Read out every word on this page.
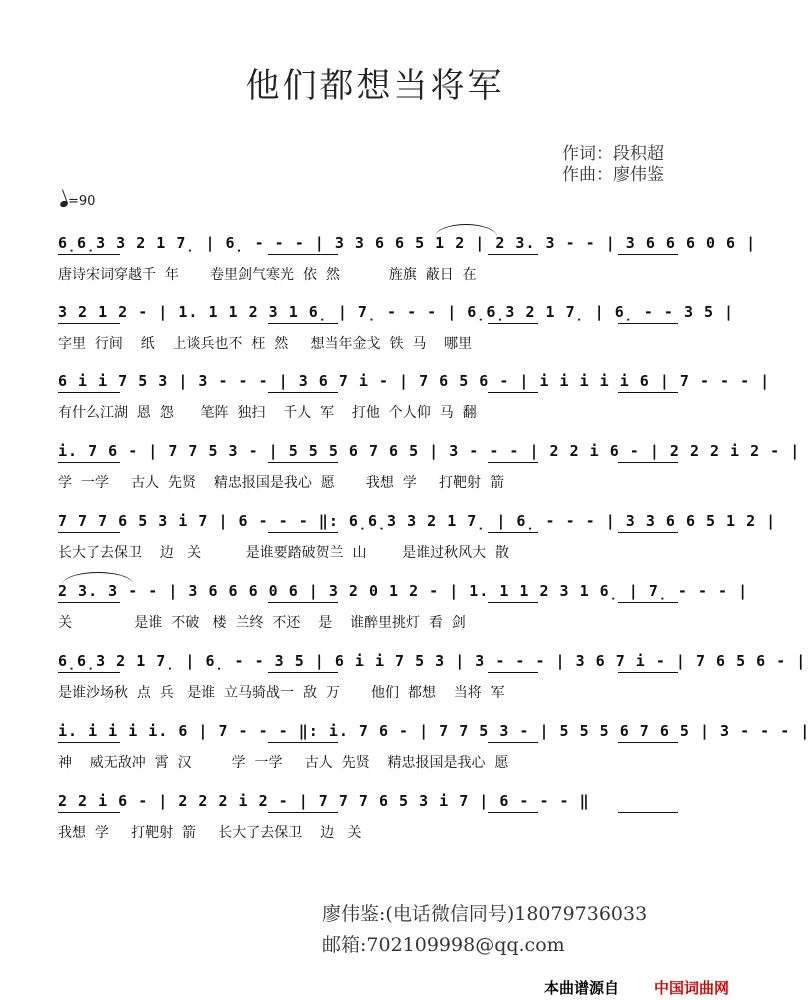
他们都想当将军
作词：段积超
作曲：廖伟鉴
=90
6̣6̣3 3 2 1 7̣ | 6̣ - - - | 3 3 6 6 5 1 2 | 2 3. 3 - - | 3 6 6 6 0 6 |
唐诗宋词穿越千  年       卷里剑气寒光  依  然           旌旗  蔽日  在
3 2 1 2 - | 1. 1 1 2 3 1 6̣ | 7̣ - - - | 6̣6̣3 2 1 7̣ | 6̣ - - 3 5 |
字里  行间    纸    上谈兵也不  枉  然     想当年金戈  铁  马    哪里
6 i i 7 5 3 | 3 - - - | 3 6 7 i - | 7 6 5 6 - | i i i i i 6 | 7 - - - |
有什么江湖  恩  怨      笔阵  独扫    千人  军    打他  个人仰  马  翻
i. 7 6 - | 7 7 5 3 - | 5 5 5 6 7 6 5 | 3 - - - | 2 2 i 6 - | 2 2 2 i 2 - |
学  一学     古人  先贤    精忠报国是我心  愿       我想  学     打靶射  箭
7 7 7 6 5 3 i 7 | 6 - - - ‖: 6̣6̣3 3 2 1 7̣ | 6̣ - - - | 3 3 6 6 5 1 2 |
长大了去保卫    边   关          是谁要踏破贺兰  山        是谁过秋风大  散
2 3. 3 - - | 3 6 6 6 0 6 | 3 2 0 1 2 - | 1. 1 1 2 3 1 6̣ | 7̣ - - - |
关              是谁  不破   楼  兰终  不还    是    谁醉里挑灯  看  剑
6̣6̣3 2 1 7̣ | 6̣ - - 3 5 | 6 i i 7 5 3 | 3 - - - | 3 6 7 i - | 7 6 5 6 - |
是谁沙场秋  点  兵   是谁  立马骑战一  敌  万       他们  都想    当将  军
i. i i i i. 6 | 7 - - - ‖: i. 7 6 - | 7 7 5 3 - | 5 5 5 6 7 6 5 | 3 - - - |
神    威无敌冲  霄  汉         学  一学     古人  先贤    精忠报国是我心  愿
2 2 i 6 - | 2 2 2 i 2 - | 7 7 7 6 5 3 i 7 | 6 - - - ‖
我想  学     打靶射  箭     长大了去保卫    边   关
廖伟鉴:(电话微信同号)18079736033
邮箱:702109998@qq.com
本曲谱源自 中国词曲网
